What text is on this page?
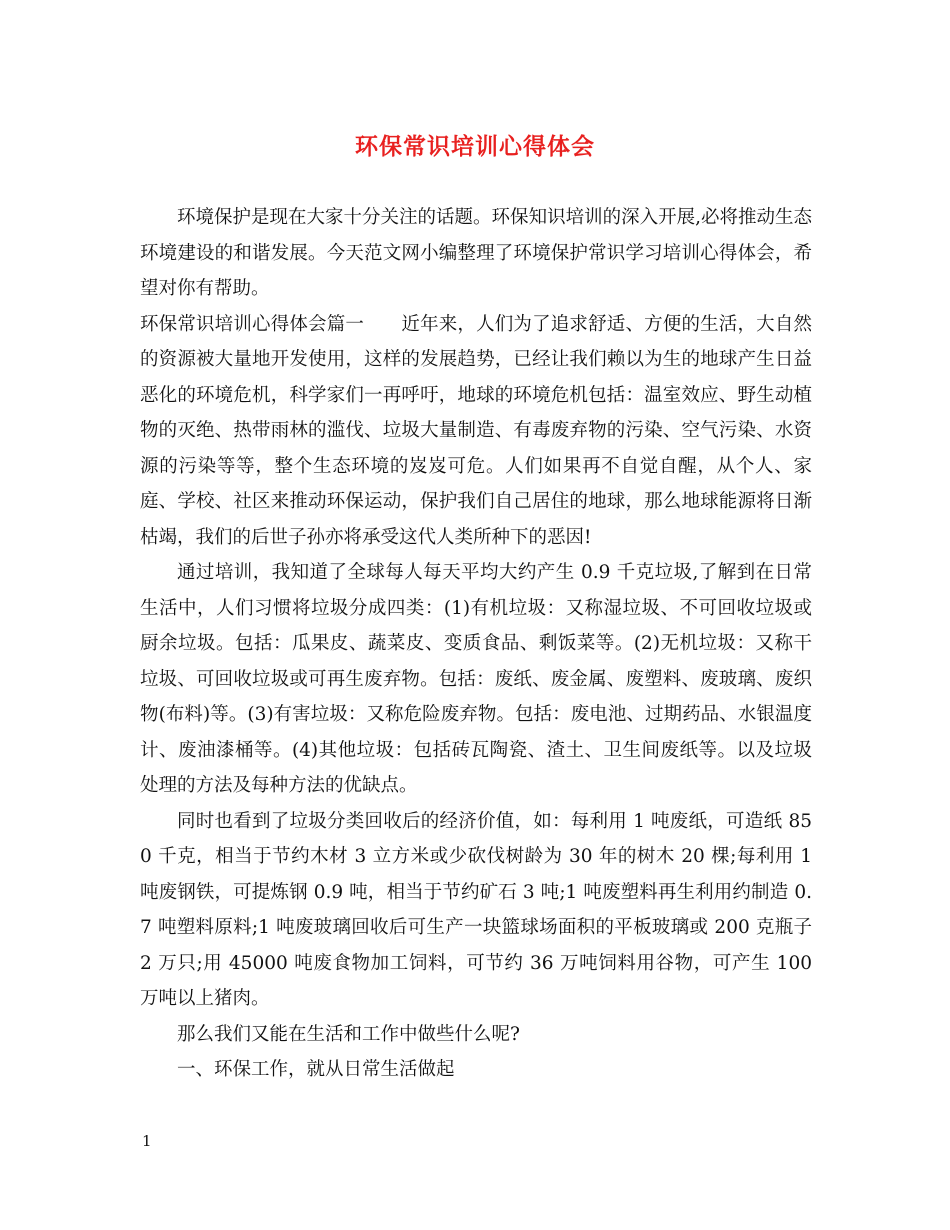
环保常识培训心得体会

环境保护是现在大家十分关注的话题。环保知识培训的深入开展,必将推动生态环境建设的和谐发展。今天范文网小编整理了环境保护常识学习培训心得体会，希望对你有帮助。

环保常识培训心得体会篇一　　近年来，人们为了追求舒适、方便的生活，大自然的资源被大量地开发使用，这样的发展趋势，已经让我们赖以为生的地球产生日益恶化的环境危机，科学家们一再呼吁，地球的环境危机包括：温室效应、野生动植物的灭绝、热带雨林的滥伐、垃圾大量制造、有毒废弃物的污染、空气污染、水资源的污染等等，整个生态环境的岌岌可危。人们如果再不自觉自醒，从个人、家庭、学校、社区来推动环保运动，保护我们自己居住的地球，那么地球能源将日渐枯竭，我们的后世子孙亦将承受这代人类所种下的恶因!

通过培训，我知道了全球每人每天平均大约产生 0.9 千克垃圾,了解到在日常生活中，人们习惯将垃圾分成四类：(1)有机垃圾：又称湿垃圾、不可回收垃圾或厨余垃圾。包括：瓜果皮、蔬菜皮、变质食品、剩饭菜等。(2)无机垃圾：又称干垃圾、可回收垃圾或可再生废弃物。包括：废纸、废金属、废塑料、废玻璃、废织物(布料)等。(3)有害垃圾：又称危险废弃物。包括：废电池、过期药品、水银温度计、废油漆桶等。(4)其他垃圾：包括砖瓦陶瓷、渣土、卫生间废纸等。以及垃圾处理的方法及每种方法的优缺点。

同时也看到了垃圾分类回收后的经济价值，如：每利用 1 吨废纸，可造纸 850 千克，相当于节约木材 3 立方米或少砍伐树龄为 30 年的树木 20 棵;每利用 1 吨废钢铁，可提炼钢 0.9 吨，相当于节约矿石 3 吨;1 吨废塑料再生利用约制造 0.7 吨塑料原料;1 吨废玻璃回收后可生产一块篮球场面积的平板玻璃或 200 克瓶子 2 万只;用 45000 吨废食物加工饲料，可节约 36 万吨饲料用谷物，可产生 100 万吨以上猪肉。

那么我们又能在生活和工作中做些什么呢?

一、环保工作，就从日常生活做起

1
